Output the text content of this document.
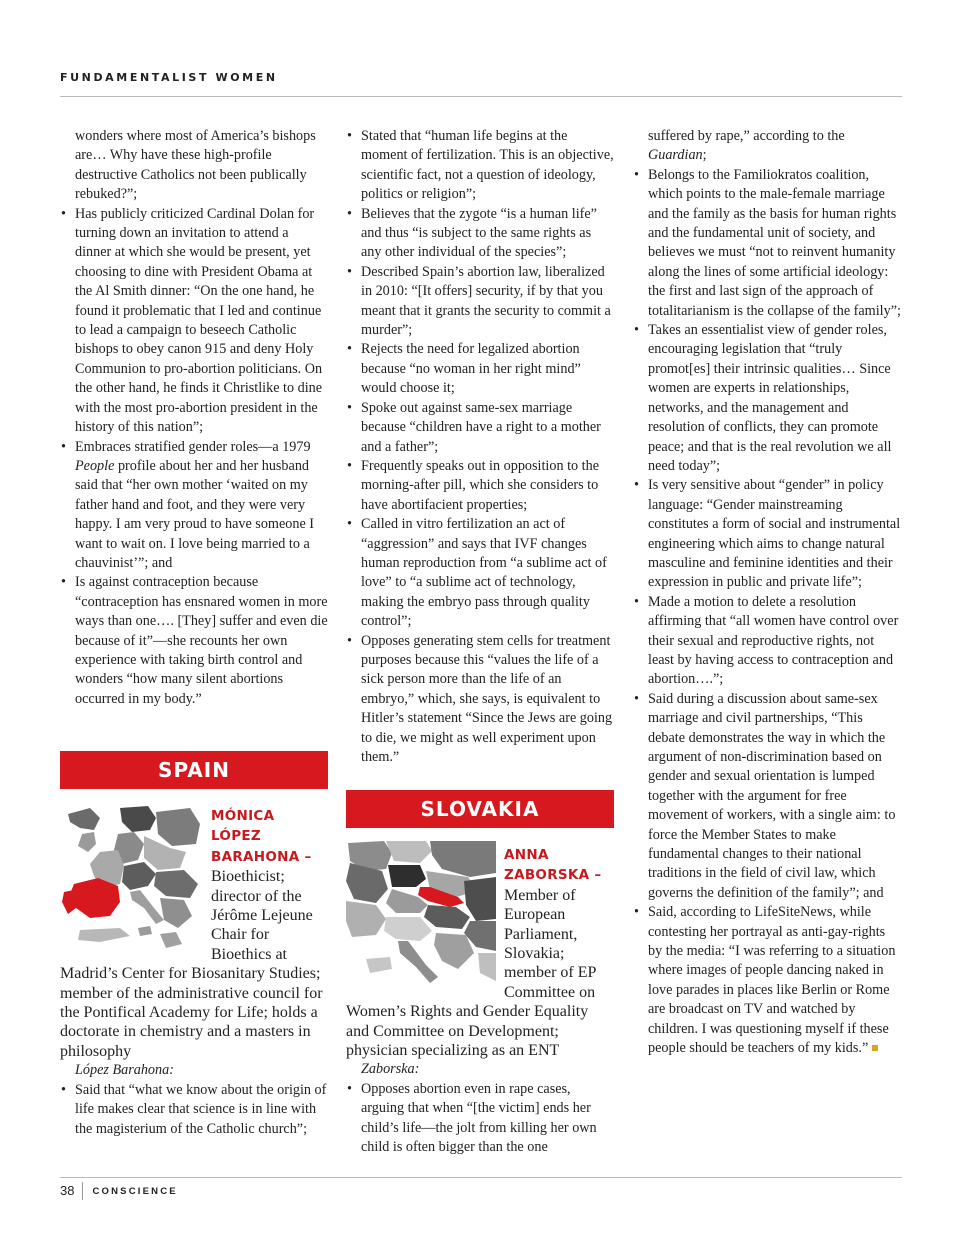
FUNDAMENTALIST WOMEN
wonders where most of America’s bishops are… Why have these high-profile destructive Catholics not been publically rebuked?”;
• Has publicly criticized Cardinal Dolan for turning down an invitation to attend a dinner at which she would be present, yet choosing to dine with President Obama at the Al Smith dinner: “On the one hand, he found it problematic that I led and continue to lead a campaign to beseech Catholic bishops to obey canon 915 and deny Holy Communion to pro-abortion politicians. On the other hand, he finds it Christlike to dine with the most pro-abortion president in the history of this nation”;
• Embraces stratified gender roles—a 1979 People profile about her and her husband said that “her own mother ‘waited on my father hand and foot, and they were very happy. I am very proud to have someone I want to wait on. I love being married to a chauvinist’”; and
• Is against contraception because “contraception has ensnared women in more ways than one…. [They] suffer and even die because of it”—she recounts her own experience with taking birth control and wonders “how many silent abortions occurred in my body.”
SPAIN
MÓNICA LÓPEZ BARAHONA – Bioethicist; director of the Jérôme Lejeune Chair for Bioethics at Madrid’s Center for Biosanitary Studies; member of the administrative council for the Pontifical Academy for Life; holds a doctorate in chemistry and a masters in philosophy
López Barahona:
• Said that “what we know about the origin of life makes clear that science is in line with the magisterium of the Catholic church”;
• Stated that “human life begins at the moment of fertilization. This is an objective, scientific fact, not a question of ideology, politics or religion”;
• Believes that the zygote “is a human life” and thus “is subject to the same rights as any other individual of the species”;
• Described Spain’s abortion law, liberalized in 2010: “[It offers] security, if by that you meant that it grants the security to commit a murder”;
• Rejects the need for legalized abortion because “no woman in her right mind” would choose it;
• Spoke out against same-sex marriage because “children have a right to a mother and a father”;
• Frequently speaks out in opposition to the morning-after pill, which she considers to have abortifacient properties;
• Called in vitro fertilization an act of “aggression” and says that IVF changes human reproduction from “a sublime act of love” to “a sublime act of technology, making the embryo pass through quality control”;
• Opposes generating stem cells for treatment purposes because this “values the life of a sick person more than the life of an embryo,” which, she says, is equivalent to Hitler’s statement “Since the Jews are going to die, we might as well experiment upon them.”
SLOVAKIA
ANNA ZABORSKA – Member of European Parliament, Slovakia; member of EP Committee on Women’s Rights and Gender Equality and Committee on Development; physician specializing as an ENT
Zaborska:
• Opposes abortion even in rape cases, arguing that when “[the victim] ends her child’s life—the jolt from killing her own child is often bigger than the one
suffered by rape,” according to the Guardian;
• Belongs to the Familiokratos coalition, which points to the male-female marriage and the family as the basis for human rights and the fundamental unit of society, and believes we must “not to reinvent humanity along the lines of some artificial ideology: the first and last sign of the approach of totalitarianism is the collapse of the family”;
• Takes an essentialist view of gender roles, encouraging legislation that “truly promot[es] their intrinsic qualities… Since women are experts in relationships, networks, and the management and resolution of conflicts, they can promote peace; and that is the real revolution we all need today”;
• Is very sensitive about “gender” in policy language: “Gender mainstreaming constitutes a form of social and instrumental engineering which aims to change natural masculine and feminine identities and their expression in public and private life”;
• Made a motion to delete a resolution affirming that “all women have control over their sexual and reproductive rights, not least by having access to contraception and abortion….”;
• Said during a discussion about same-sex marriage and civil partnerships, “This debate demonstrates the way in which the argument of non-discrimination based on gender and sexual orientation is lumped together with the argument for free movement of workers, with a single aim: to force the Member States to make fundamental changes to their national traditions in the field of civil law, which governs the definition of the family”; and
• Said, according to LifeSiteNews, while contesting her portrayal as anti-gay-rights by the media: “I was referring to a situation where images of people dancing naked in love parades in places like Berlin or Rome are broadcast on TV and watched by children. I was questioning myself if these people should be teachers of my kids.”
38	CONSCIENCE
